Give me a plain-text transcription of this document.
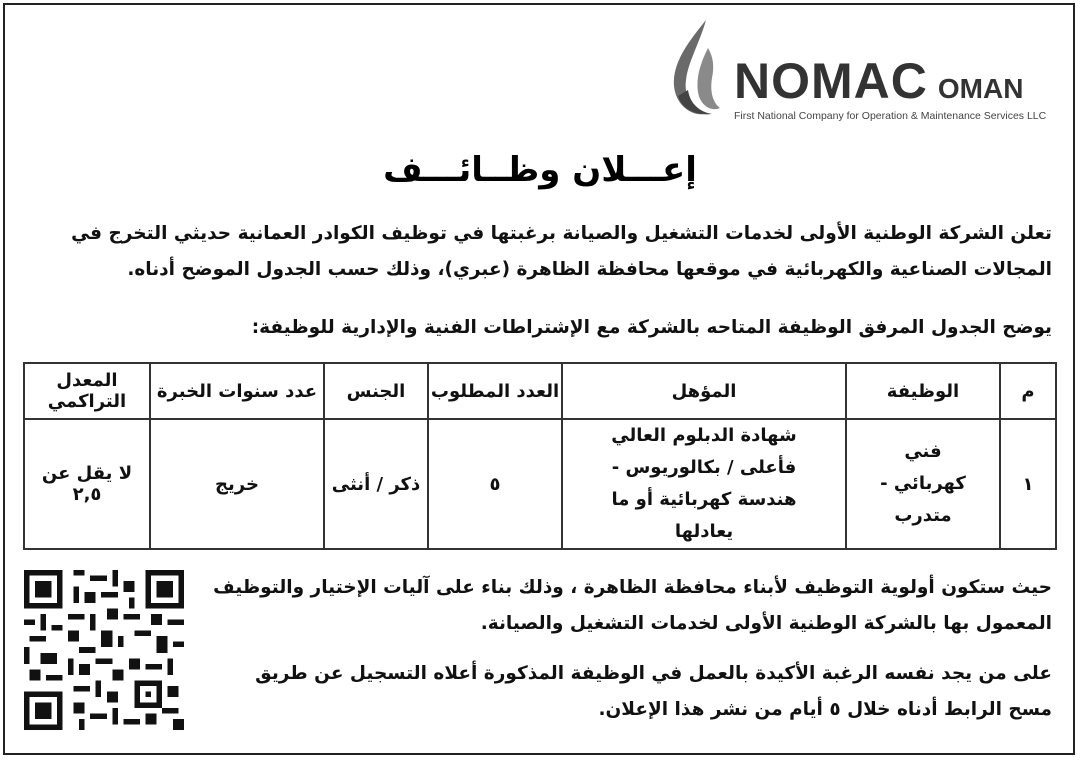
NOMAC OMAN
First National Company for Operation & Maintenance Services LLC
إعـــلان وظــائـــف
تعلن الشركة الوطنية الأولى لخدمات التشغيل والصيانة برغبتها في توظيف الكوادر العمانية حديثي التخرج في المجالات الصناعية والكهربائية في موقعها محافظة الظاهرة (عبري)، وذلك حسب الجدول الموضح أدناه.
يوضح الجدول المرفق الوظيفة المتاحه بالشركة مع الإشتراطات الفنية والإدارية للوظيفة:
م	الوظيفة	المؤهل	العدد المطلوب	الجنس	عدد سنوات الخبرة	المعدل التراكمي
١	فني كهربائي - متدرب	شهادة الدبلوم العالي فأعلى / بكالوريوس - هندسة كهربائية أو ما يعادلها	٥	ذكر / أنثى	خريج	لا يقل عن ٢,٥

حيث ستكون أولوية التوظيف لأبناء محافظة الظاهرة ، وذلك بناء على آليات الإختيار والتوظيف المعمول بها بالشركة الوطنية الأولى لخدمات التشغيل والصيانة.

على من يجد نفسه الرغبة الأكيدة بالعمل في الوظيفة المذكورة أعلاه التسجيل عن طريق مسح الرابط أدناه خلال ٥ أيام من نشر هذا الإعلان.
